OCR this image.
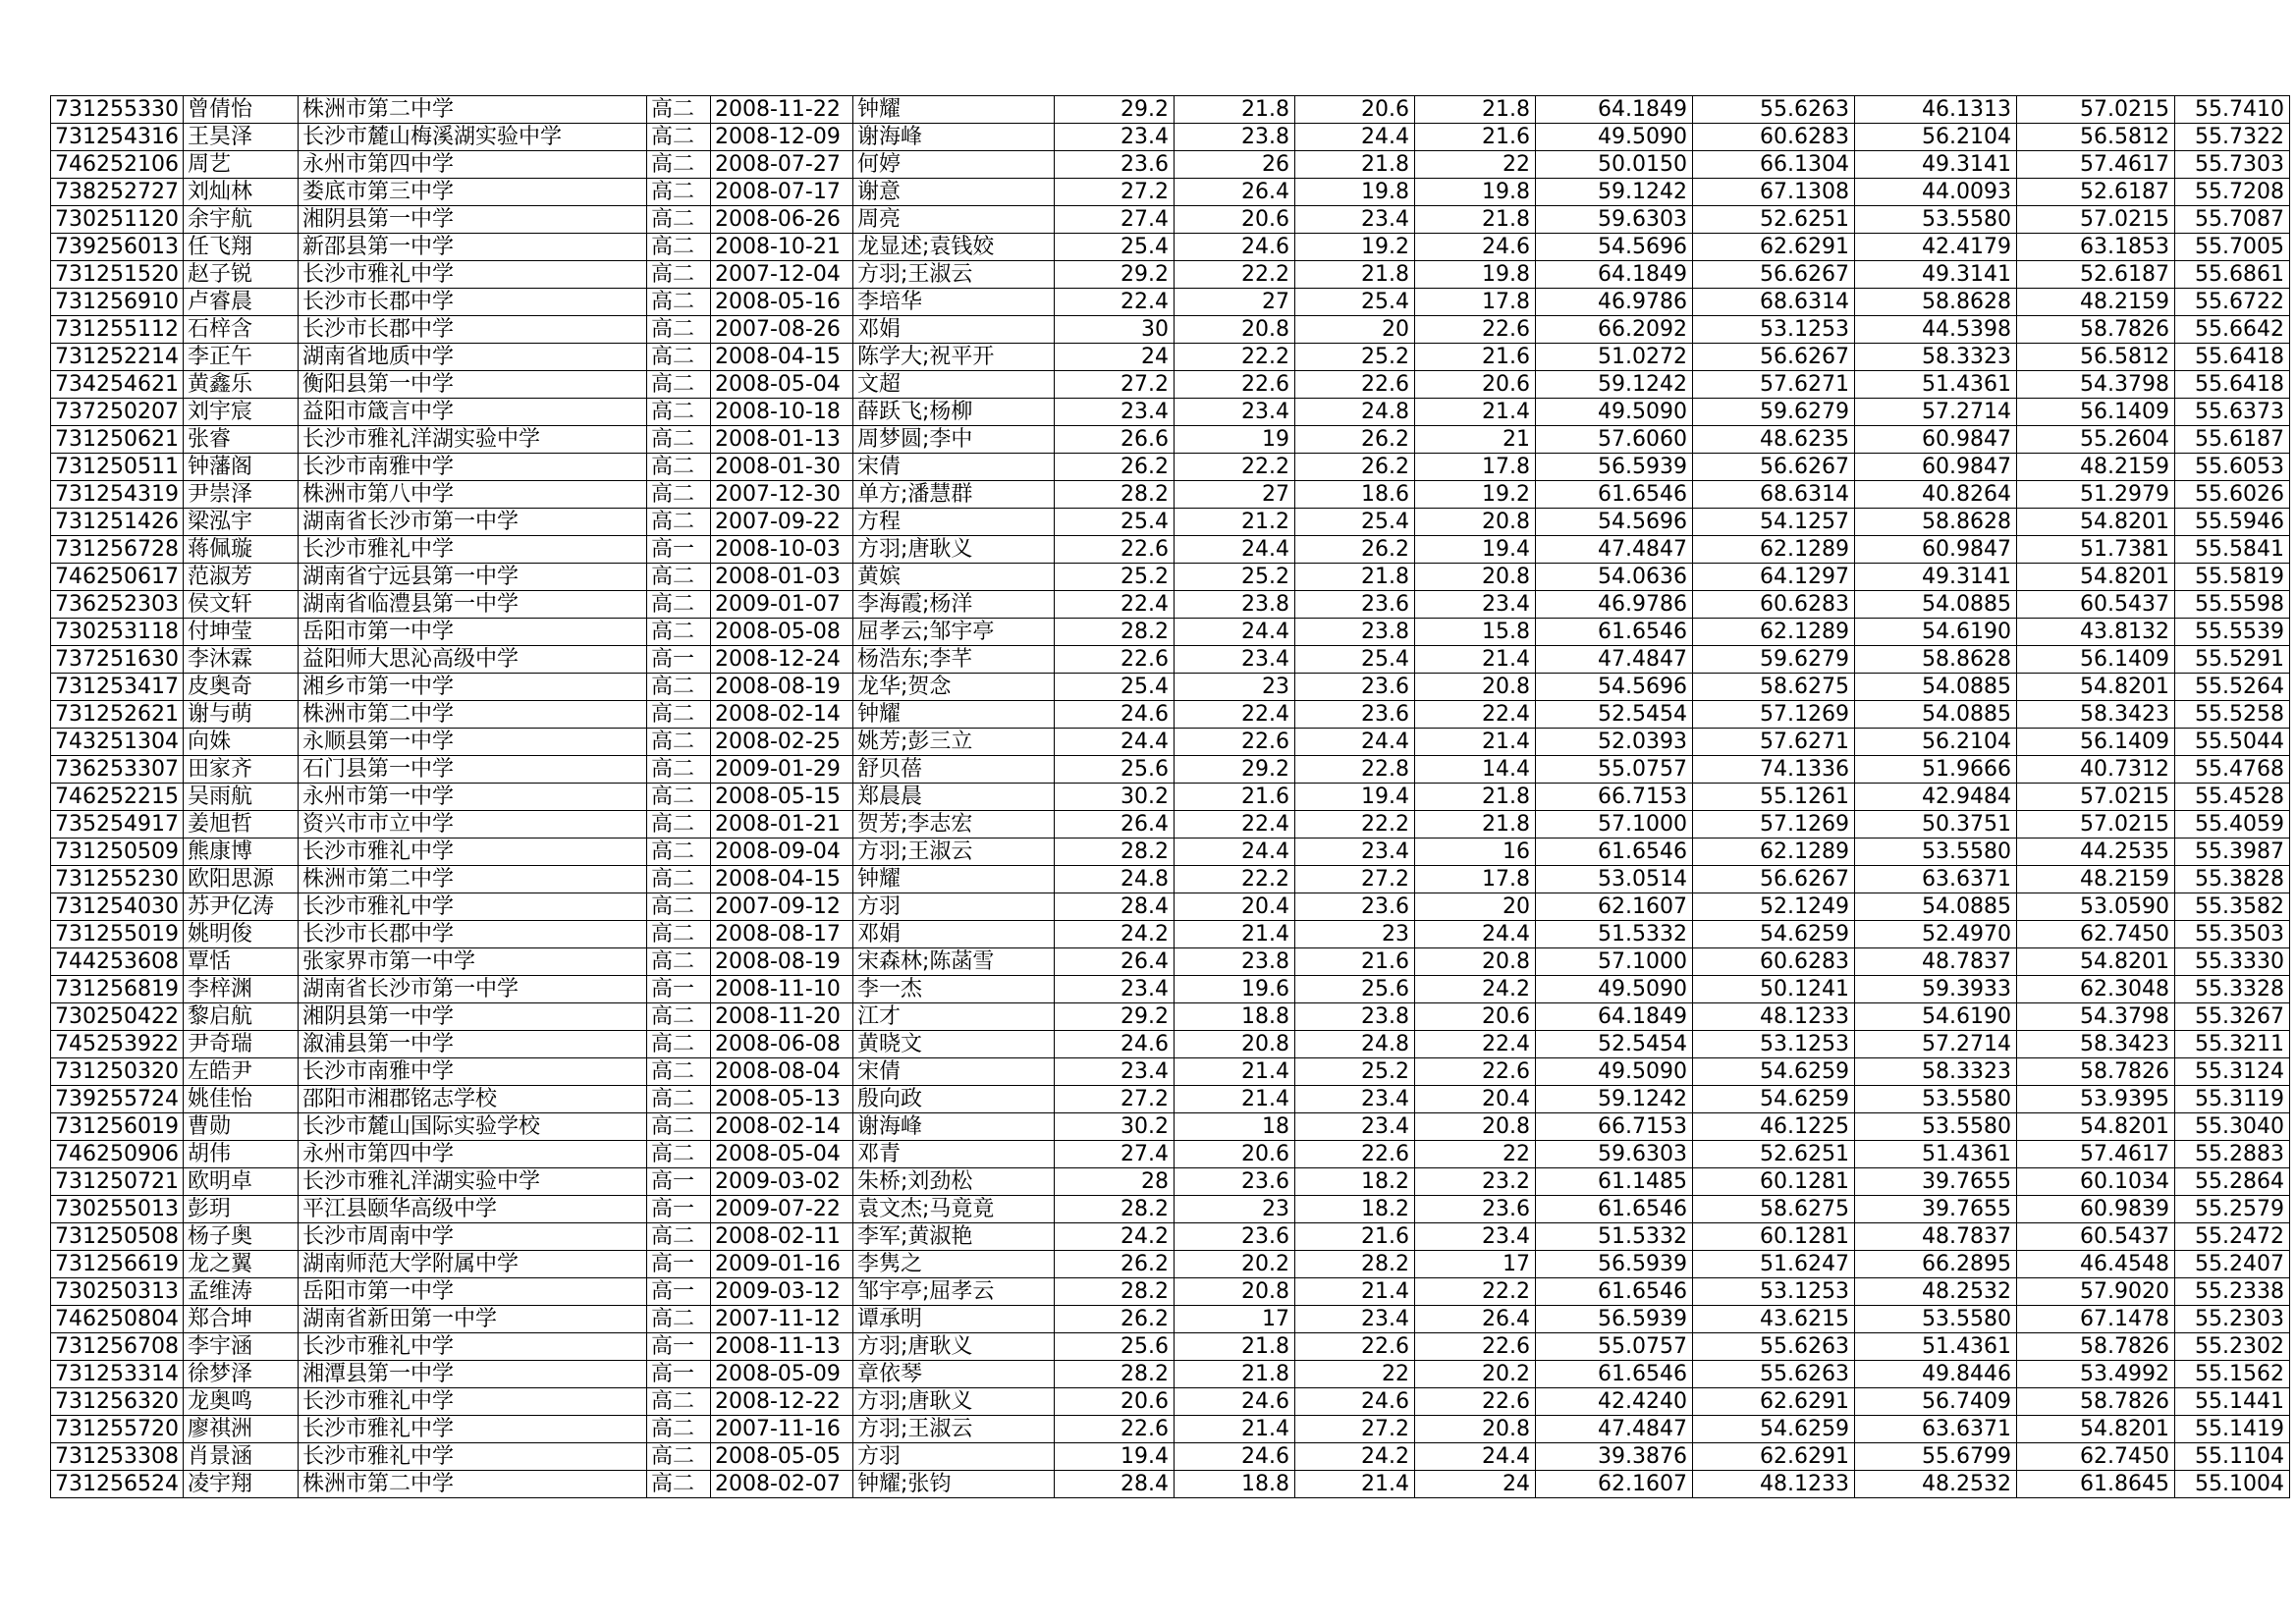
731255330	曾倩怡	株洲市第二中学	高二	2008-11-22	钟耀	29.2	21.8	20.6	21.8	64.1849	55.6263	46.1313	57.0215	55.7410
731254316	王昊泽	长沙市麓山梅溪湖实验中学	高二	2008-12-09	谢海峰	23.4	23.8	24.4	21.6	49.5090	60.6283	56.2104	56.5812	55.7322
746252106	周艺	永州市第四中学	高二	2008-07-27	何婷	23.6	26	21.8	22	50.0150	66.1304	49.3141	57.4617	55.7303
738252727	刘灿林	娄底市第三中学	高二	2008-07-17	谢意	27.2	26.4	19.8	19.8	59.1242	67.1308	44.0093	52.6187	55.7208
730251120	余宇航	湘阴县第一中学	高二	2008-06-26	周亮	27.4	20.6	23.4	21.8	59.6303	52.6251	53.5580	57.0215	55.7087
739256013	任飞翔	新邵县第一中学	高二	2008-10-21	龙显述;袁钱姣	25.4	24.6	19.2	24.6	54.5696	62.6291	42.4179	63.1853	55.7005
731251520	赵子锐	长沙市雅礼中学	高二	2007-12-04	方羽;王淑云	29.2	22.2	21.8	19.8	64.1849	56.6267	49.3141	52.6187	55.6861
731256910	卢睿晨	长沙市长郡中学	高二	2008-05-16	李培华	22.4	27	25.4	17.8	46.9786	68.6314	58.8628	48.2159	55.6722
731255112	石梓含	长沙市长郡中学	高二	2007-08-26	邓娟	30	20.8	20	22.6	66.2092	53.1253	44.5398	58.7826	55.6642
731252214	李正午	湖南省地质中学	高二	2008-04-15	陈学大;祝平开	24	22.2	25.2	21.6	51.0272	56.6267	58.3323	56.5812	55.6418
734254621	黄鑫乐	衡阳县第一中学	高二	2008-05-04	文超	27.2	22.6	22.6	20.6	59.1242	57.6271	51.4361	54.3798	55.6418
737250207	刘宇宸	益阳市箴言中学	高二	2008-10-18	薛跃飞;杨柳	23.4	23.4	24.8	21.4	49.5090	59.6279	57.2714	56.1409	55.6373
731250621	张睿	长沙市雅礼洋湖实验中学	高二	2008-01-13	周梦圆;李中	26.6	19	26.2	21	57.6060	48.6235	60.9847	55.2604	55.6187
731250511	钟藩阁	长沙市南雅中学	高二	2008-01-30	宋倩	26.2	22.2	26.2	17.8	56.5939	56.6267	60.9847	48.2159	55.6053
731254319	尹崇泽	株洲市第八中学	高二	2007-12-30	单方;潘慧群	28.2	27	18.6	19.2	61.6546	68.6314	40.8264	51.2979	55.6026
731251426	梁泓宇	湖南省长沙市第一中学	高二	2007-09-22	方程	25.4	21.2	25.4	20.8	54.5696	54.1257	58.8628	54.8201	55.5946
731256728	蒋佩璇	长沙市雅礼中学	高一	2008-10-03	方羽;唐耿义	22.6	24.4	26.2	19.4	47.4847	62.1289	60.9847	51.7381	55.5841
746250617	范淑芳	湖南省宁远县第一中学	高二	2008-01-03	黄嫔	25.2	25.2	21.8	20.8	54.0636	64.1297	49.3141	54.8201	55.5819
736252303	侯文轩	湖南省临澧县第一中学	高二	2009-01-07	李海霞;杨洋	22.4	23.8	23.6	23.4	46.9786	60.6283	54.0885	60.5437	55.5598
730253118	付坤莹	岳阳市第一中学	高二	2008-05-08	屈孝云;邹宇亭	28.2	24.4	23.8	15.8	61.6546	62.1289	54.6190	43.8132	55.5539
737251630	李沐霖	益阳师大思沁高级中学	高一	2008-12-24	杨浩东;李芊	22.6	23.4	25.4	21.4	47.4847	59.6279	58.8628	56.1409	55.5291
731253417	皮奥奇	湘乡市第一中学	高二	2008-08-19	龙华;贺念	25.4	23	23.6	20.8	54.5696	58.6275	54.0885	54.8201	55.5264
731252621	谢与萌	株洲市第二中学	高二	2008-02-14	钟耀	24.6	22.4	23.6	22.4	52.5454	57.1269	54.0885	58.3423	55.5258
743251304	向姝	永顺县第一中学	高二	2008-02-25	姚芳;彭三立	24.4	22.6	24.4	21.4	52.0393	57.6271	56.2104	56.1409	55.5044
736253307	田家齐	石门县第一中学	高二	2009-01-29	舒贝蓓	25.6	29.2	22.8	14.4	55.0757	74.1336	51.9666	40.7312	55.4768
746252215	吴雨航	永州市第一中学	高二	2008-05-15	郑晨晨	30.2	21.6	19.4	21.8	66.7153	55.1261	42.9484	57.0215	55.4528
735254917	姜旭哲	资兴市市立中学	高二	2008-01-21	贺芳;李志宏	26.4	22.4	22.2	21.8	57.1000	57.1269	50.3751	57.0215	55.4059
731250509	熊康博	长沙市雅礼中学	高二	2008-09-04	方羽;王淑云	28.2	24.4	23.4	16	61.6546	62.1289	53.5580	44.2535	55.3987
731255230	欧阳思源	株洲市第二中学	高二	2008-04-15	钟耀	24.8	22.2	27.2	17.8	53.0514	56.6267	63.6371	48.2159	55.3828
731254030	苏尹亿涛	长沙市雅礼中学	高二	2007-09-12	方羽	28.4	20.4	23.6	20	62.1607	52.1249	54.0885	53.0590	55.3582
731255019	姚明俊	长沙市长郡中学	高二	2008-08-17	邓娟	24.2	21.4	23	24.4	51.5332	54.6259	52.4970	62.7450	55.3503
744253608	覃恬	张家界市第一中学	高二	2008-08-19	宋森林;陈菡雪	26.4	23.8	21.6	20.8	57.1000	60.6283	48.7837	54.8201	55.3330
731256819	李梓渊	湖南省长沙市第一中学	高一	2008-11-10	李一杰	23.4	19.6	25.6	24.2	49.5090	50.1241	59.3933	62.3048	55.3328
730250422	黎启航	湘阴县第一中学	高二	2008-11-20	江才	29.2	18.8	23.8	20.6	64.1849	48.1233	54.6190	54.3798	55.3267
745253922	尹奇瑞	溆浦县第一中学	高二	2008-06-08	黄晓文	24.6	20.8	24.8	22.4	52.5454	53.1253	57.2714	58.3423	55.3211
731250320	左皓尹	长沙市南雅中学	高二	2008-08-04	宋倩	23.4	21.4	25.2	22.6	49.5090	54.6259	58.3323	58.7826	55.3124
739255724	姚佳怡	邵阳市湘郡铭志学校	高二	2008-05-13	殷向政	27.2	21.4	23.4	20.4	59.1242	54.6259	53.5580	53.9395	55.3119
731256019	曹勋	长沙市麓山国际实验学校	高二	2008-02-14	谢海峰	30.2	18	23.4	20.8	66.7153	46.1225	53.5580	54.8201	55.3040
746250906	胡伟	永州市第四中学	高二	2008-05-04	邓青	27.4	20.6	22.6	22	59.6303	52.6251	51.4361	57.4617	55.2883
731250721	欧明卓	长沙市雅礼洋湖实验中学	高一	2009-03-02	朱桥;刘劲松	28	23.6	18.2	23.2	61.1485	60.1281	39.7655	60.1034	55.2864
730255013	彭玥	平江县颐华高级中学	高一	2009-07-22	袁文杰;马竟竟	28.2	23	18.2	23.6	61.6546	58.6275	39.7655	60.9839	55.2579
731250508	杨子奥	长沙市周南中学	高二	2008-02-11	李军;黄淑艳	24.2	23.6	21.6	23.4	51.5332	60.1281	48.7837	60.5437	55.2472
731256619	龙之翼	湖南师范大学附属中学	高一	2009-01-16	李隽之	26.2	20.2	28.2	17	56.5939	51.6247	66.2895	46.4548	55.2407
730250313	孟维涛	岳阳市第一中学	高一	2009-03-12	邹宇亭;屈孝云	28.2	20.8	21.4	22.2	61.6546	53.1253	48.2532	57.9020	55.2338
746250804	郑合坤	湖南省新田第一中学	高二	2007-11-12	谭承明	26.2	17	23.4	26.4	56.5939	43.6215	53.5580	67.1478	55.2303
731256708	李宇涵	长沙市雅礼中学	高一	2008-11-13	方羽;唐耿义	25.6	21.8	22.6	22.6	55.0757	55.6263	51.4361	58.7826	55.2302
731253314	徐梦泽	湘潭县第一中学	高一	2008-05-09	章依琴	28.2	21.8	22	20.2	61.6546	55.6263	49.8446	53.4992	55.1562
731256320	龙奥鸣	长沙市雅礼中学	高二	2008-12-22	方羽;唐耿义	20.6	24.6	24.6	22.6	42.4240	62.6291	56.7409	58.7826	55.1441
731255720	廖祺洲	长沙市雅礼中学	高二	2007-11-16	方羽;王淑云	22.6	21.4	27.2	20.8	47.4847	54.6259	63.6371	54.8201	55.1419
731253308	肖景涵	长沙市雅礼中学	高二	2008-05-05	方羽	19.4	24.6	24.2	24.4	39.3876	62.6291	55.6799	62.7450	55.1104
731256524	凌宇翔	株洲市第二中学	高二	2008-02-07	钟耀;张钧	28.4	18.8	21.4	24	62.1607	48.1233	48.2532	61.8645	55.1004
